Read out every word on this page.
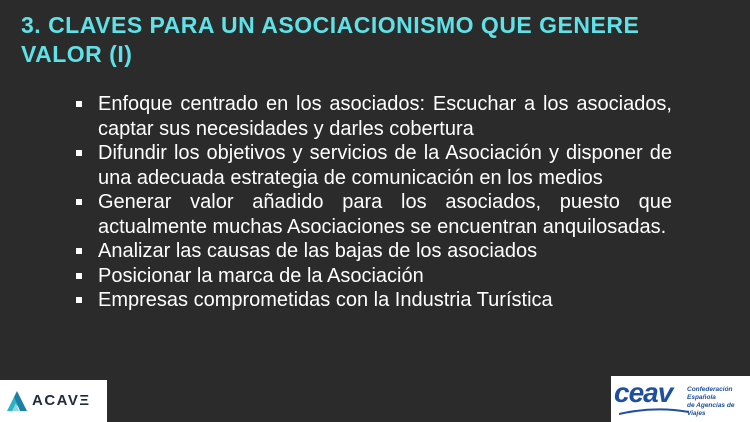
3. CLAVES PARA UN ASOCIACIONISMO QUE GENERE VALOR (I)
Enfoque centrado en los asociados: Escuchar a los asociados, captar sus necesidades y darles cobertura
Difundir los objetivos y servicios de la Asociación y disponer de una adecuada estrategia de comunicación en los medios
Generar valor añadido para los asociados, puesto que actualmente muchas Asociaciones se encuentran anquilosadas.
Analizar las causas de las bajas de los asociados
Posicionar la marca de la Asociación
Empresas comprometidas con la Industria Turística
ACAVΞ	ceav Confederación Española
de Agencias de Viajes
